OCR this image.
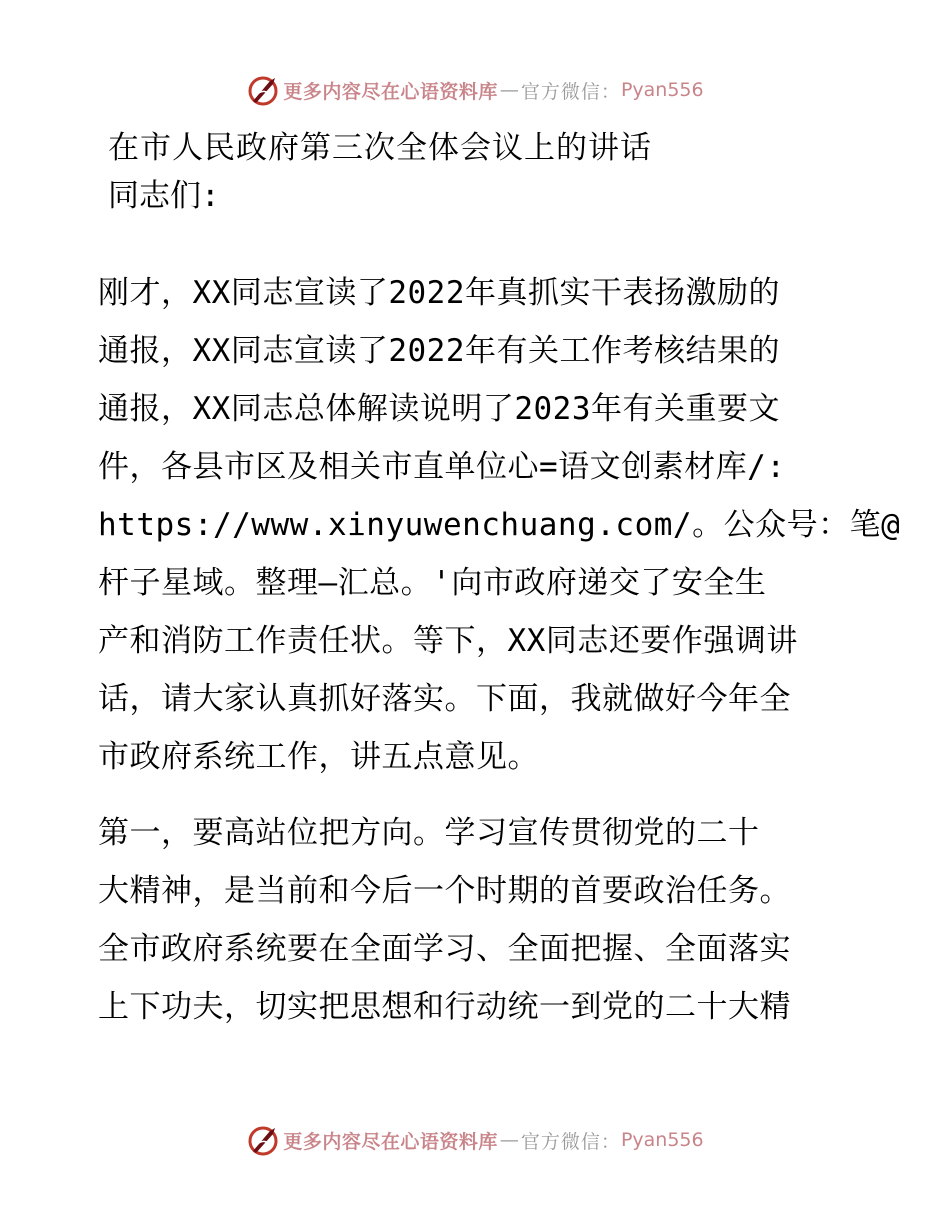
更多内容尽在心语资料库 — 官方微信： Pyan556
在市人民政府第三次全体会议上的讲话
同志们:
刚才，XX同志宣读了2022年真抓实干表扬激励的
通报，XX同志宣读了2022年有关工作考核结果的
通报，XX同志总体解读说明了2023年有关重要文
件，各县市区及相关市直单位心=语文创素材库/:
https://www.xinyuwenchuang.com/。公众号：笔@
杆子星域。整理—汇总。'向市政府递交了安全生
产和消防工作责任状。等下，XX同志还要作强调讲
话，请大家认真抓好落实。下面，我就做好今年全
市政府系统工作，讲五点意见。
第一，要高站位把方向。学习宣传贯彻党的二十
大精神，是当前和今后一个时期的首要政治任务。
全市政府系统要在全面学习、全面把握、全面落实
上下功夫，切实把思想和行动统一到党的二十大精
更多内容尽在心语资料库 — 官方微信： Pyan556
